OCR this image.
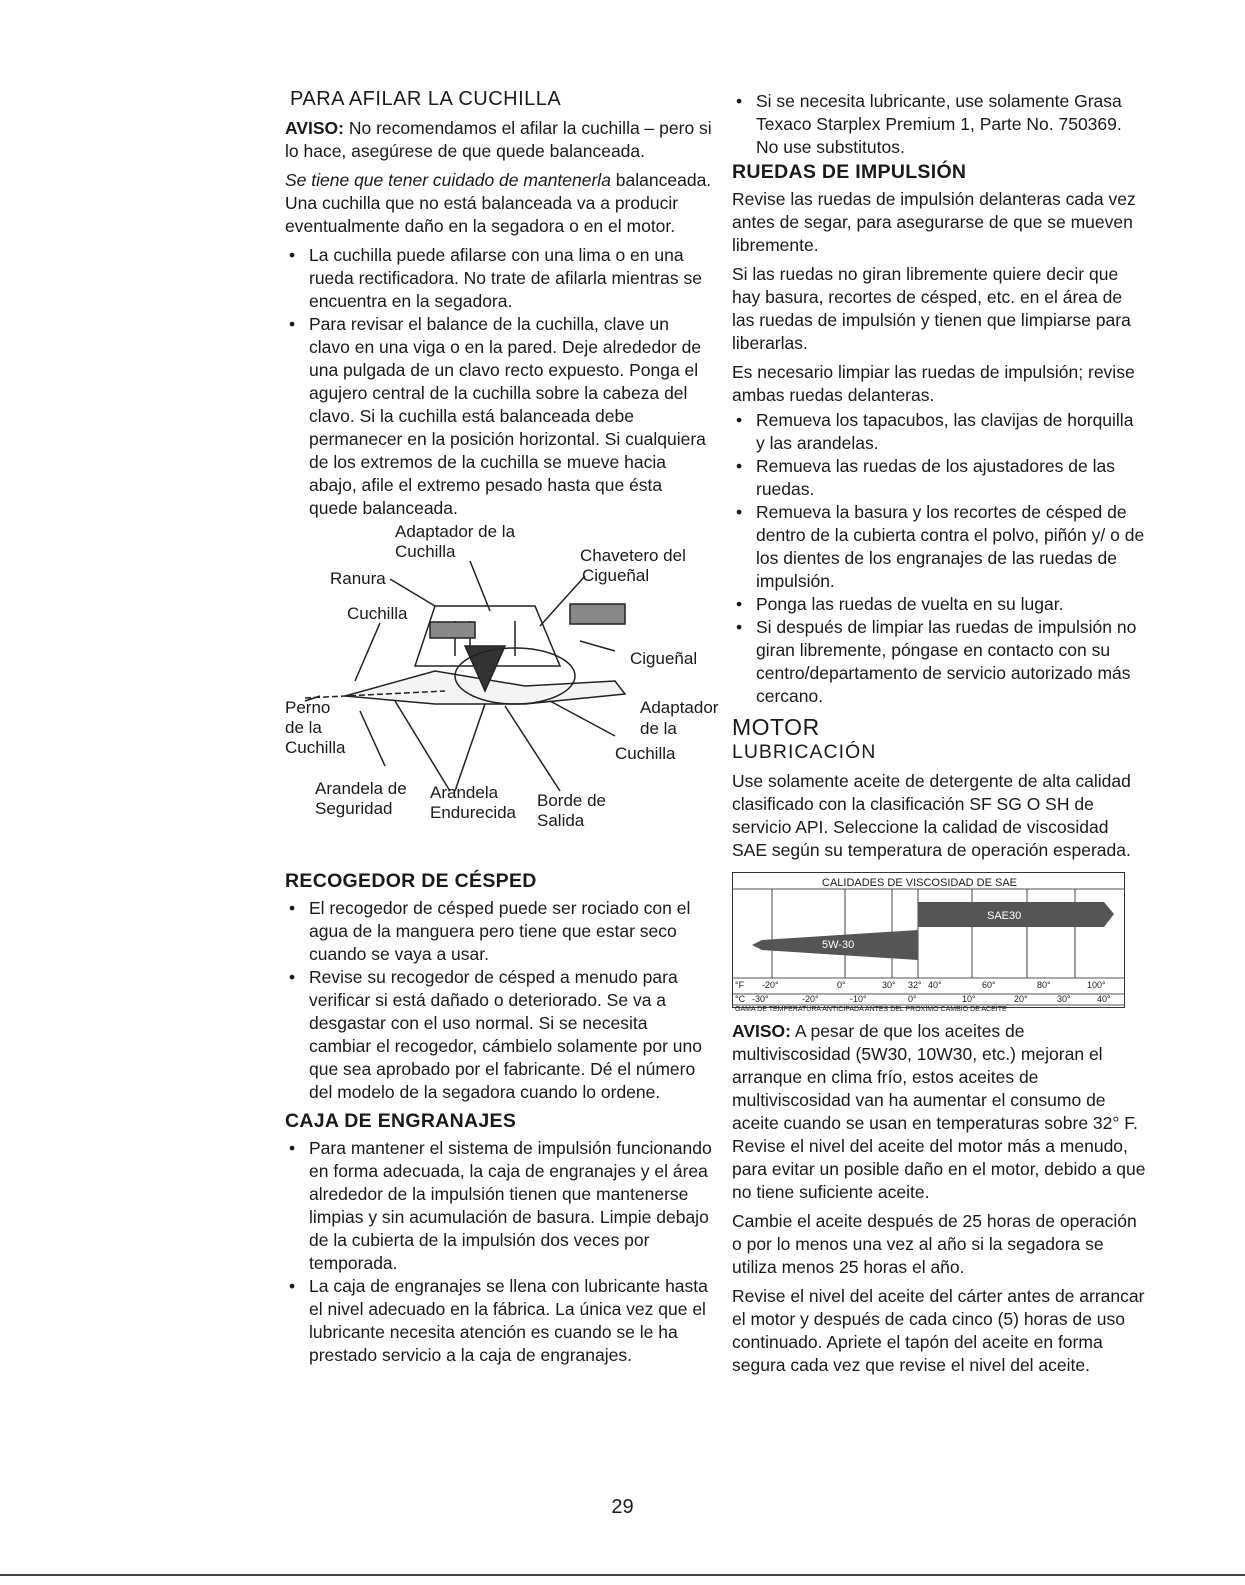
PARA AFILAR LA CUCHILLA

AVISO: No recomendamos el afilar la cuchilla – pero si lo hace, asegúrese de que quede balanceada.

Se tiene que tener cuidado de mantenerla balanceada. Una cuchilla que no está balanceada va a producir eventualmente daño en la segadora o en el motor.

• La cuchilla puede afilarse con una lima o en una rueda rectificadora. No trate de afilarla mientras se encuentra en la segadora.
• Para revisar el balance de la cuchilla, clave un clavo en una viga o en la pared. Deje alrededor de una pulgada de un clavo recto expuesto. Ponga el agujero central de la cuchilla sobre la cabeza del clavo. Si la cuchilla está balanceada debe permanecer en la posición horizontal. Si cualquiera de los extremos de la cuchilla se mueve hacia abajo, afile el extremo pesado hasta que ésta quede balanceada.
Adaptador de la
Cuchilla	Chavetero del
Cigueñal
Ranura
Cuchilla
Cigueñal
Perno
de la
Cuchilla
Adaptador
de la
Cuchilla
Arandela de
Seguridad
Arandela
Endurecida
Borde de
Salida
RECOGEDOR DE CÉSPED
• El recogedor de césped puede ser rociado con el agua de la manguera pero tiene que estar seco cuando se vaya a usar.
• Revise su recogedor de césped a menudo para verificar si está dañado o deteriorado. Se va a desgastar con el uso normal. Si se necesita cambiar el recogedor, cámbielo solamente por uno que sea aprobado por el fabricante. Dé el número del modelo de la segadora cuando lo ordene.
CAJA DE ENGRANAJES
• Para mantener el sistema de impulsión funcionando en forma adecuada, la caja de engranajes y el área alrededor de la impulsión tienen que mantenerse limpias y sin acumulación de basura. Limpie debajo de la cubierta de la impulsión dos veces por temporada.
• La caja de engranajes se llena con lubricante hasta el nivel adecuado en la fábrica. La única vez que el lubricante necesita atención es cuando se le ha prestado servicio a la caja de engranajes.
• Si se necesita lubricante, use solamente Grasa Texaco Starplex Premium 1, Parte No. 750369. No use substitutos.
RUEDAS DE IMPULSIÓN

Revise las ruedas de impulsión delanteras cada vez antes de segar, para asegurarse de que se mueven libremente.

Si las ruedas no giran libremente quiere decir que hay basura, recortes de césped, etc. en el área de las ruedas de impulsión y tienen que limpiarse para liberarlas.

Es necesario limpiar las ruedas de impulsión; revise ambas ruedas delanteras.

• Remueva los tapacubos, las clavijas de horquilla y las arandelas.
• Remueva las ruedas de los ajustadores de las ruedas.
• Remueva la basura y los recortes de césped de dentro de la cubierta contra el polvo, piñón y/ o de los dientes de los engranajes de las ruedas de impulsión.
• Ponga las ruedas de vuelta en su lugar.
• Si después de limpiar las ruedas de impulsión no giran libremente, póngase en contacto con su centro/departamento de servicio autorizado más cercano.
MOTOR
LUBRICACIÓN

Use solamente aceite de detergente de alta calidad clasificado con la clasificación SF SG O SH de servicio API. Seleccione la calidad de viscosidad SAE según su temperatura de operación esperada.

CALIDADES DE VISCOSIDAD DE SAE
SAE30
5W-30
°F -20°	0°	30° 32° 40°	60°	80°	100°
°C -30°	-20°	-10°	0°	10°	20°	30°	40°
GAMA DE TEMPERATURA ANTICIPADA ANTES DEL PROXIMO CAMBIO DE ACEITE

AVISO: A pesar de que los aceites de multiviscosidad (5W30, 10W30, etc.) mejoran el arranque en clima frío, estos aceites de multiviscosidad van ha aumentar el consumo de aceite cuando se usan en temperaturas sobre 32° F. Revise el nivel del aceite del motor más a menudo, para evitar un posible daño en el motor, debido a que no tiene suficiente aceite.

Cambie el aceite después de 25 horas de operación o por lo menos una vez al año si la segadora se utiliza menos 25 horas el año.

Revise el nivel del aceite del cárter antes de arrancar el motor y después de cada cinco (5) horas de uso continuado. Apriete el tapón del aceite en forma segura cada vez que revise el nivel del aceite.

29
